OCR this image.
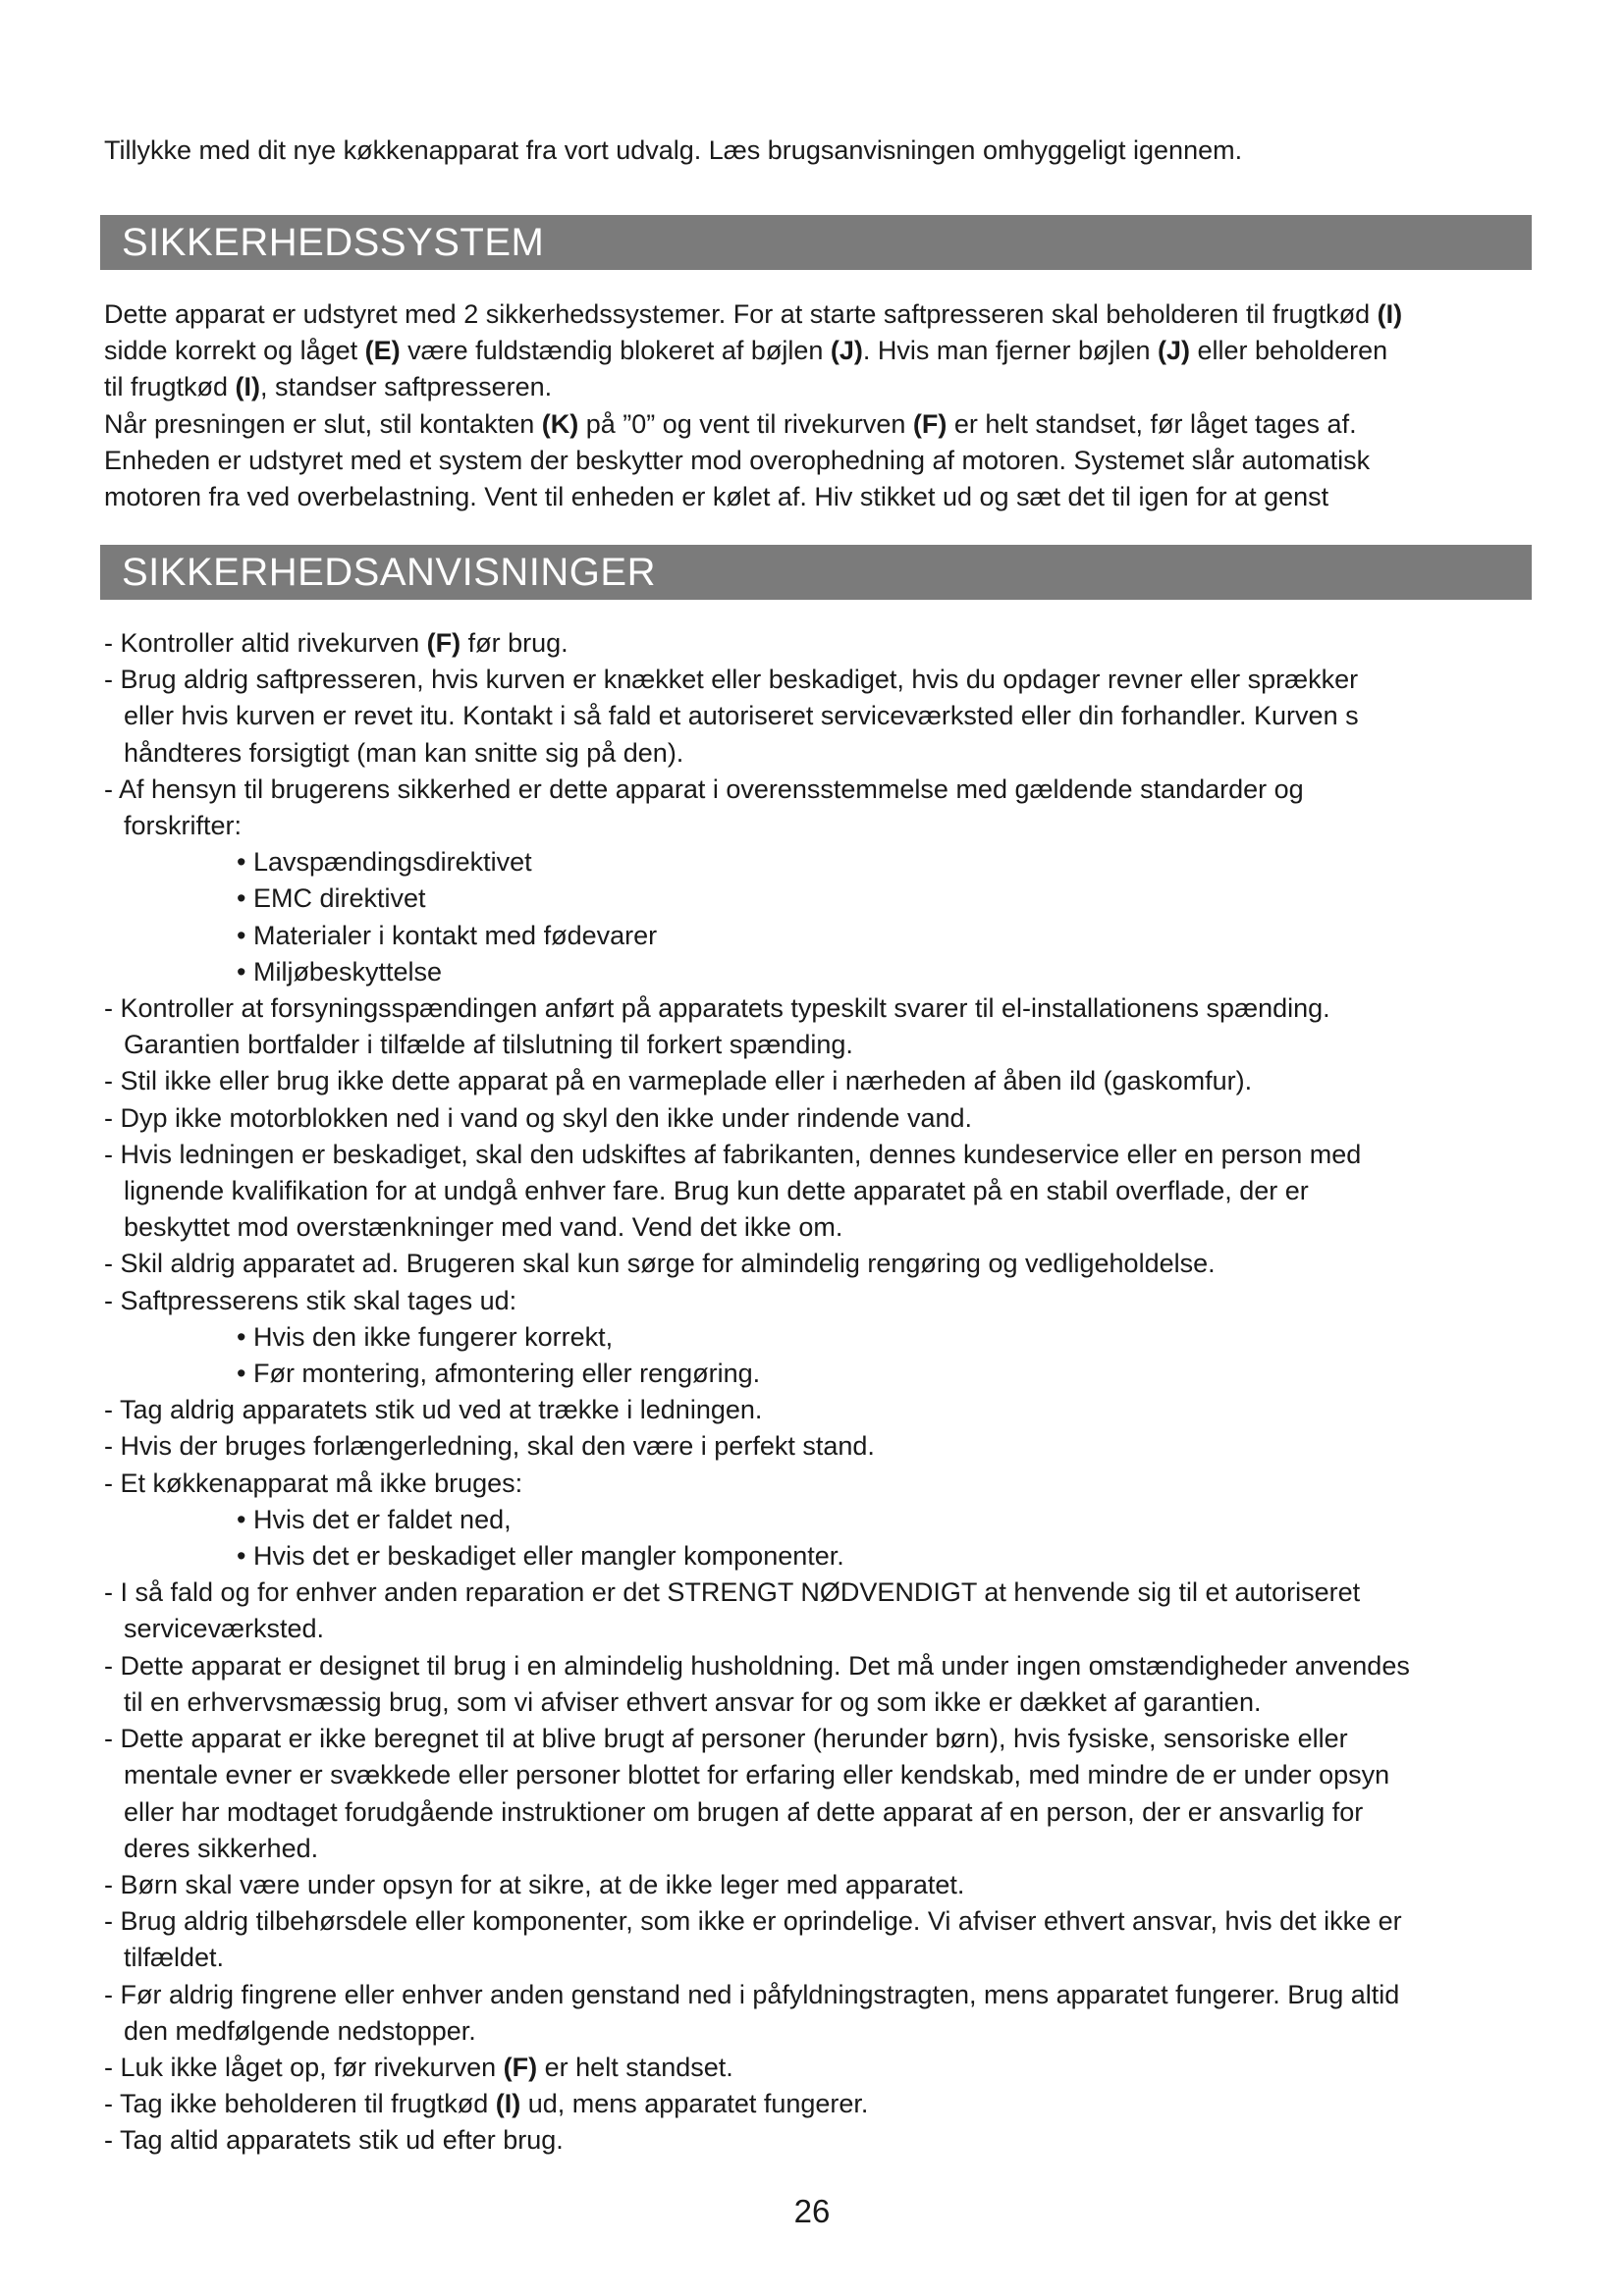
Tillykke med dit nye køkkenapparat fra vort udvalg. Læs brugsanvisningen omhyggeligt igennem.
SIKKERHEDSSYSTEM
Dette apparat er udstyret med 2 sikkerhedssystemer. For at starte saftpresseren skal beholderen til frugtkød (I)
sidde korrekt og låget (E) være fuldstændig blokeret af bøjlen (J). Hvis man fjerner bøjlen (J) eller beholderen
til frugtkød (I), standser saftpresseren.
Når presningen er slut, stil kontakten (K) på ”0” og vent til rivekurven (F) er helt standset, før låget tages af.
Enheden er udstyret med et system der beskytter mod overophedning af motoren. Systemet slår automatisk
motoren fra ved overbelastning. Vent til enheden er kølet af. Hiv stikket ud og sæt det til igen for at genst
SIKKERHEDSANVISNINGER
- Kontroller altid rivekurven (F) før brug.
- Brug aldrig saftpresseren, hvis kurven er knækket eller beskadiget, hvis du opdager revner eller sprækker
eller hvis kurven er revet itu. Kontakt i så fald et autoriseret serviceværksted eller din forhandler. Kurven s
håndteres forsigtigt (man kan snitte sig på den).
- Af hensyn til brugerens sikkerhed er dette apparat i overensstemmelse med gældende standarder og
forskrifter:
• Lavspændingsdirektivet
• EMC direktivet
• Materialer i kontakt med fødevarer
• Miljøbeskyttelse
- Kontroller at forsyningsspændingen anført på apparatets typeskilt svarer til el-installationens spænding.
Garantien bortfalder i tilfælde af tilslutning til forkert spænding.
- Stil ikke eller brug ikke dette apparat på en varmeplade eller i nærheden af åben ild (gaskomfur).
- Dyp ikke motorblokken ned i vand og skyl den ikke under rindende vand.
- Hvis ledningen er beskadiget, skal den udskiftes af fabrikanten, dennes kundeservice eller en person med
lignende kvalifikation for at undgå enhver fare. Brug kun dette apparatet på en stabil overflade, der er
beskyttet mod overstænkninger med vand. Vend det ikke om.
- Skil aldrig apparatet ad. Brugeren skal kun sørge for almindelig rengøring og vedligeholdelse.
- Saftpresserens stik skal tages ud:
• Hvis den ikke fungerer korrekt,
• Før montering, afmontering eller rengøring.
- Tag aldrig apparatets stik ud ved at trække i ledningen.
- Hvis der bruges forlængerledning, skal den være i perfekt stand.
- Et køkkenapparat må ikke bruges:
• Hvis det er faldet ned,
• Hvis det er beskadiget eller mangler komponenter.
- I så fald og for enhver anden reparation er det STRENGT NØDVENDIGT at henvende sig til et autoriseret
serviceværksted.
- Dette apparat er designet til brug i en almindelig husholdning. Det må under ingen omstændigheder anvendes
til en erhvervsmæssig brug, som vi afviser ethvert ansvar for og som ikke er dækket af garantien.
- Dette apparat er ikke beregnet til at blive brugt af personer (herunder børn), hvis fysiske, sensoriske eller
mentale evner er svækkede eller personer blottet for erfaring eller kendskab, med mindre de er under opsyn
eller har modtaget forudgående instruktioner om brugen af dette apparat af en person, der er ansvarlig for
deres sikkerhed.
- Børn skal være under opsyn for at sikre, at de ikke leger med apparatet.
- Brug aldrig tilbehørsdele eller komponenter, som ikke er oprindelige. Vi afviser ethvert ansvar, hvis det ikke er
tilfældet.
- Før aldrig fingrene eller enhver anden genstand ned i påfyldningstragten, mens apparatet fungerer. Brug altid
den medfølgende nedstopper.
- Luk ikke låget op, før rivekurven (F) er helt standset.
- Tag ikke beholderen til frugtkød (I) ud, mens apparatet fungerer.
- Tag altid apparatets stik ud efter brug.
26
